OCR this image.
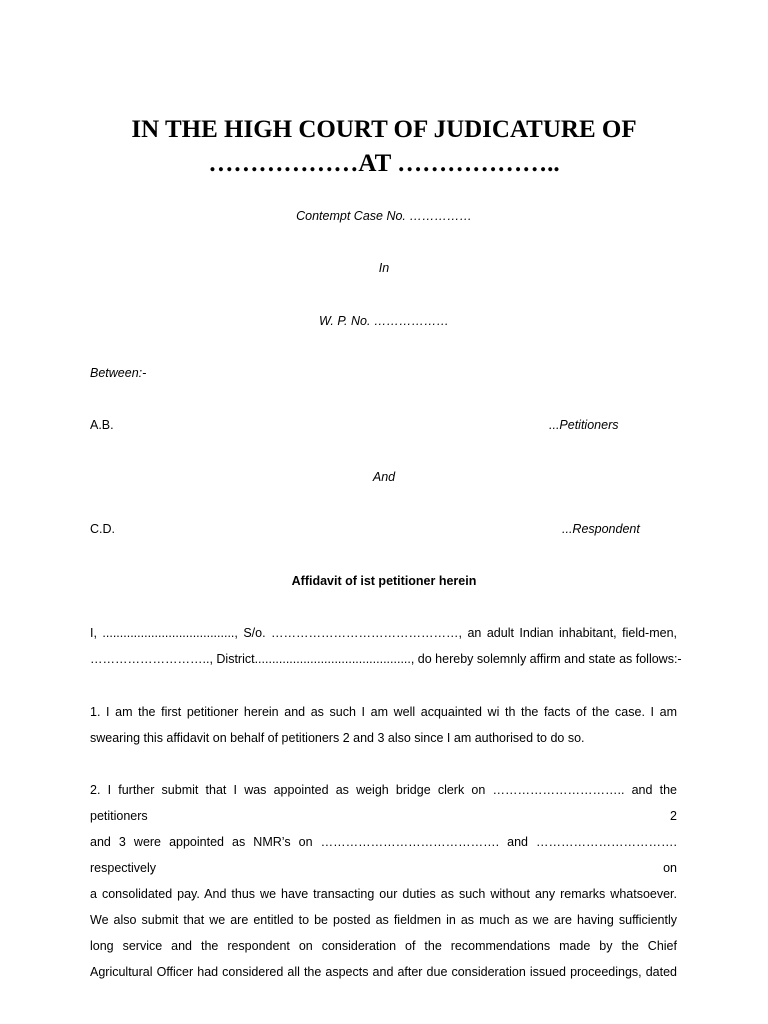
IN THE HIGH COURT OF JUDICATURE OF
………………AT ………………..
Contempt Case No. ……………
In
W. P. No. ………………
Between:-
A.B.	...Petitioners
And
C.D.	...Respondent
Affidavit of ist petitioner herein
I, ......................................, S/o. ………………………………………, an adult Indian inhabitant, field-men,
……………………….., District............................................., do hereby solemnly affirm and state as follows:-
1. I am the first petitioner herein and as such I am well acquainted wi th the facts of the case. I am
swearing this affidavit on behalf of petitioners 2 and 3 also since I am authorised to do so.
2. I further submit that I was appointed as weigh bridge clerk on ………………………….. and the petitioners 2
and 3 were appointed as NMR’s on ……………………………………. and ……………………………. respectively on
a consolidated pay. And thus we have transacting our duties as such without any remarks whatsoever.
We also submit that we are entitled to be posted as fieldmen in as much as we are having sufficiently
long service and the respondent on consideration of the recommendations made by the Chief
Agricultural Officer had considered all the aspects and after due consideration issued proceedings, dated
